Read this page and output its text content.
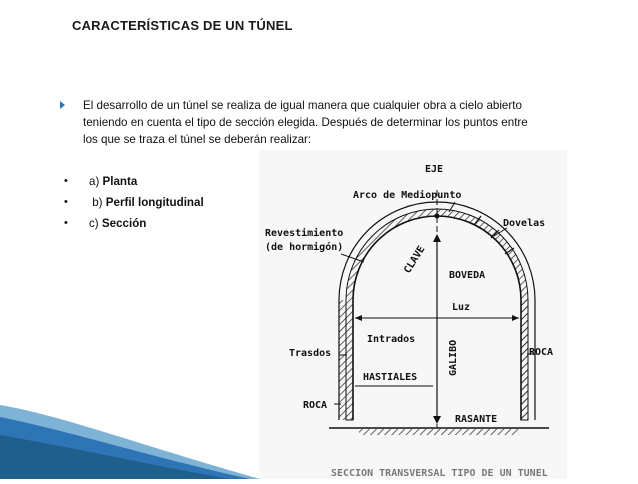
CARACTERÍSTICAS DE UN TÚNEL
El desarrollo de un túnel se realiza de igual manera que cualquier obra a cielo abierto
teniendo en cuenta el tipo de sección elegida. Después de determinar los puntos entre
los que se traza el túnel se deberán realizar:
• a) Planta
• b) Perfil longitudinal
• c) Sección
EJE
Arco de Mediopunto
Dovelas
Revestimiento
(de hormigón)	CLAVE BOVEDA
Luz
Intrados
GALIBO
Trasdos	ROCA
HASTIALES
ROCA
RASANTE
SECCION TRANSVERSAL TIPO DE UN TUNEL
